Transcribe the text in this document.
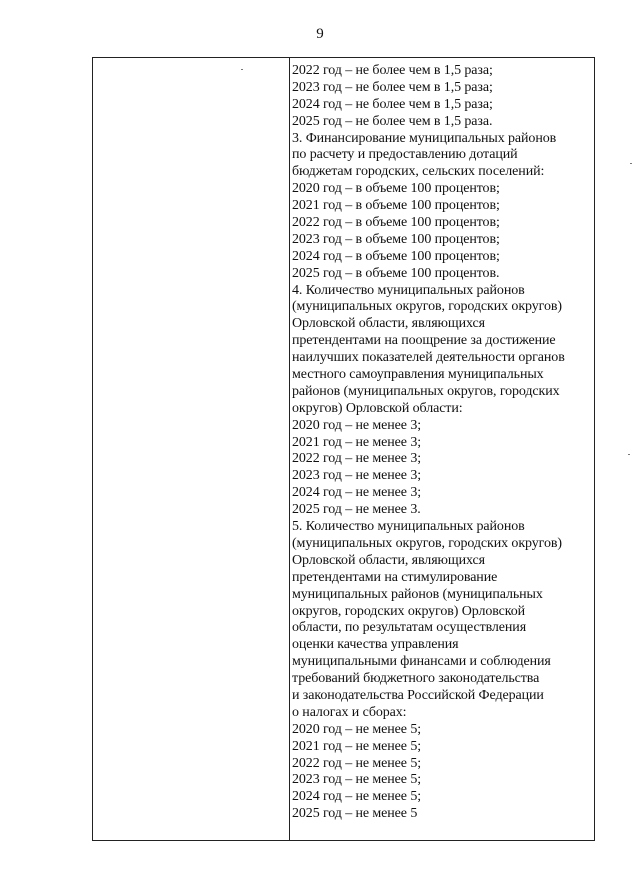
9
2022 год – не более чем в 1,5 раза;
2023 год – не более чем в 1,5 раза;
2024 год – не более чем в 1,5 раза;
2025 год – не более чем в 1,5 раза.
3. Финансирование муниципальных районов
по расчету и предоставлению дотаций
бюджетам городских, сельских поселений:
2020 год – в объеме 100 процентов;
2021 год – в объеме 100 процентов;
2022 год – в объеме 100 процентов;
2023 год – в объеме 100 процентов;
2024 год – в объеме 100 процентов;
2025 год – в объеме 100 процентов.
4. Количество муниципальных районов
(муниципальных округов, городских округов)
Орловской области, являющихся
претендентами на поощрение за достижение
наилучших показателей деятельности органов
местного самоуправления муниципальных
районов (муниципальных округов, городских
округов) Орловской области:
2020 год – не менее 3;
2021 год – не менее 3;
2022 год – не менее 3;
2023 год – не менее 3;
2024 год – не менее 3;
2025 год – не менее 3.
5. Количество муниципальных районов
(муниципальных округов, городских округов)
Орловской области, являющихся
претендентами на стимулирование
муниципальных районов (муниципальных
округов, городских округов) Орловской
области, по результатам осуществления
оценки качества управления
муниципальными финансами и соблюдения
требований бюджетного законодательства
и законодательства Российской Федерации
о налогах и сборах:
2020 год – не менее 5;
2021 год – не менее 5;
2022 год – не менее 5;
2023 год – не менее 5;
2024 год – не менее 5;
2025 год – не менее 5
